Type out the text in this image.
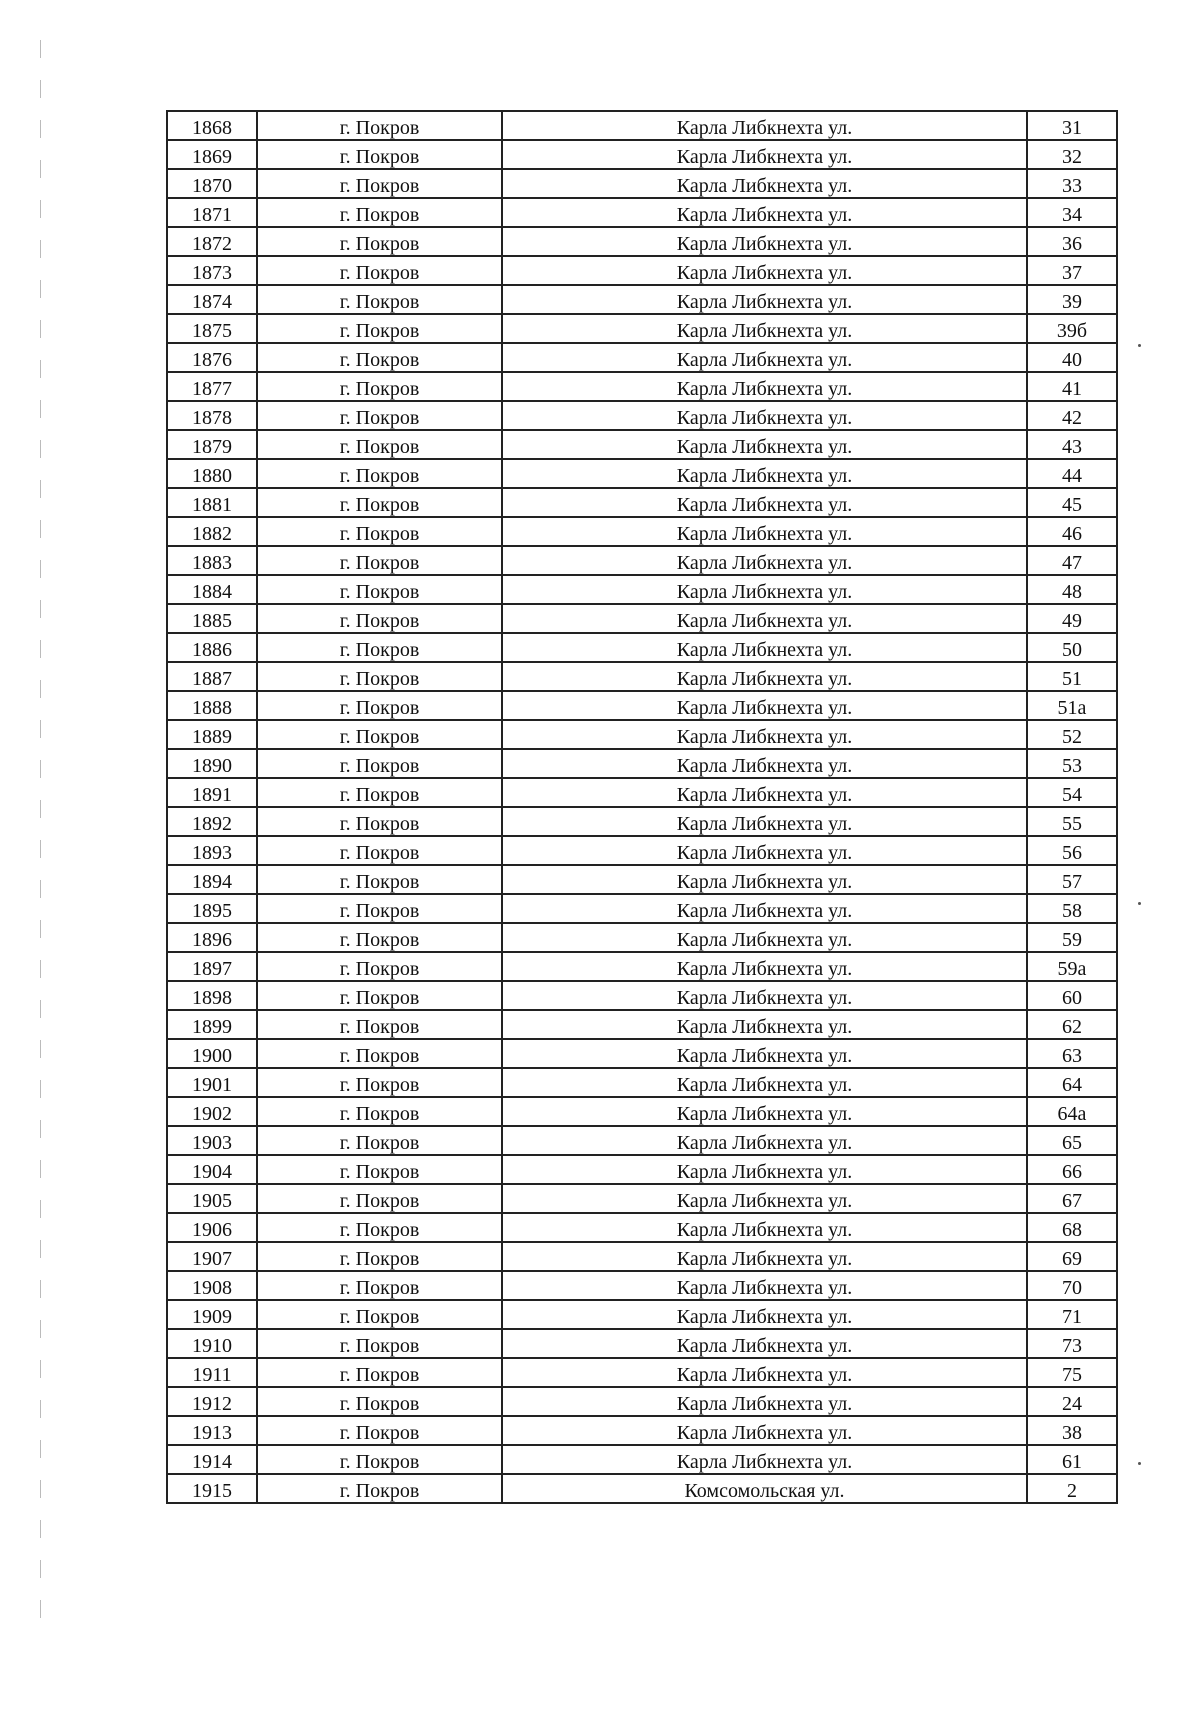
1868	г. Покров	Карла Либкнехта ул.	31
1869	г. Покров	Карла Либкнехта ул.	32
1870	г. Покров	Карла Либкнехта ул.	33
1871	г. Покров	Карла Либкнехта ул.	34
1872	г. Покров	Карла Либкнехта ул.	36
1873	г. Покров	Карла Либкнехта ул.	37
1874	г. Покров	Карла Либкнехта ул.	39
1875	г. Покров	Карла Либкнехта ул.	39б
1876	г. Покров	Карла Либкнехта ул.	40
1877	г. Покров	Карла Либкнехта ул.	41
1878	г. Покров	Карла Либкнехта ул.	42
1879	г. Покров	Карла Либкнехта ул.	43
1880	г. Покров	Карла Либкнехта ул.	44
1881	г. Покров	Карла Либкнехта ул.	45
1882	г. Покров	Карла Либкнехта ул.	46
1883	г. Покров	Карла Либкнехта ул.	47
1884	г. Покров	Карла Либкнехта ул.	48
1885	г. Покров	Карла Либкнехта ул.	49
1886	г. Покров	Карла Либкнехта ул.	50
1887	г. Покров	Карла Либкнехта ул.	51
1888	г. Покров	Карла Либкнехта ул.	51a
1889	г. Покров	Карла Либкнехта ул.	52
1890	г. Покров	Карла Либкнехта ул.	53
1891	г. Покров	Карла Либкнехта ул.	54
1892	г. Покров	Карла Либкнехта ул.	55
1893	г. Покров	Карла Либкнехта ул.	56
1894	г. Покров	Карла Либкнехта ул.	57
1895	г. Покров	Карла Либкнехта ул.	58
1896	г. Покров	Карла Либкнехта ул.	59
1897	г. Покров	Карла Либкнехта ул.	59a
1898	г. Покров	Карла Либкнехта ул.	60
1899	г. Покров	Карла Либкнехта ул.	62
1900	г. Покров	Карла Либкнехта ул.	63
1901	г. Покров	Карла Либкнехта ул.	64
1902	г. Покров	Карла Либкнехта ул.	64a
1903	г. Покров	Карла Либкнехта ул.	65
1904	г. Покров	Карла Либкнехта ул.	66
1905	г. Покров	Карла Либкнехта ул.	67
1906	г. Покров	Карла Либкнехта ул.	68
1907	г. Покров	Карла Либкнехта ул.	69
1908	г. Покров	Карла Либкнехта ул.	70
1909	г. Покров	Карла Либкнехта ул.	71
1910	г. Покров	Карла Либкнехта ул.	73
1911	г. Покров	Карла Либкнехта ул.	75
1912	г. Покров	Карла Либкнехта ул.	24
1913	г. Покров	Карла Либкнехта ул.	38
1914	г. Покров	Карла Либкнехта ул.	61
1915	г. Покров	Комсомольская ул.	2
